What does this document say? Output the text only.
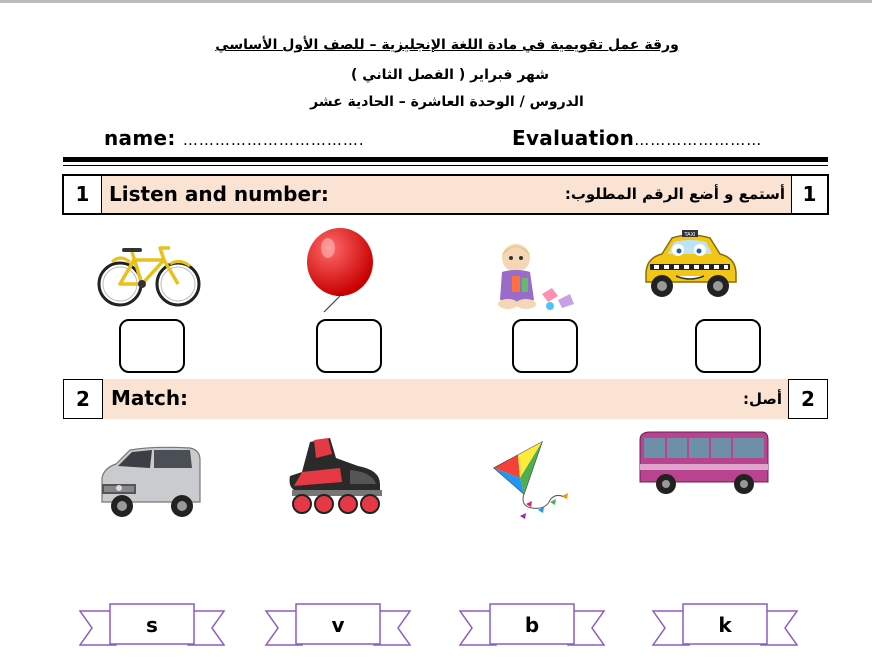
ورقة عمل تقويمية في مادة اللغة الإنجليزية – للصف الأول الأساسي
شهر فبراير ( الفصل الثاني )
الدروس / الوحدة العاشرة – الحادية عشر
name: …………………………….	Evaluation……………………
1 Listen and number:	أستمع و أضع الرقم المطلوب: 1
TAXI
2	Match:	أصل: 2
s	v	b	k
